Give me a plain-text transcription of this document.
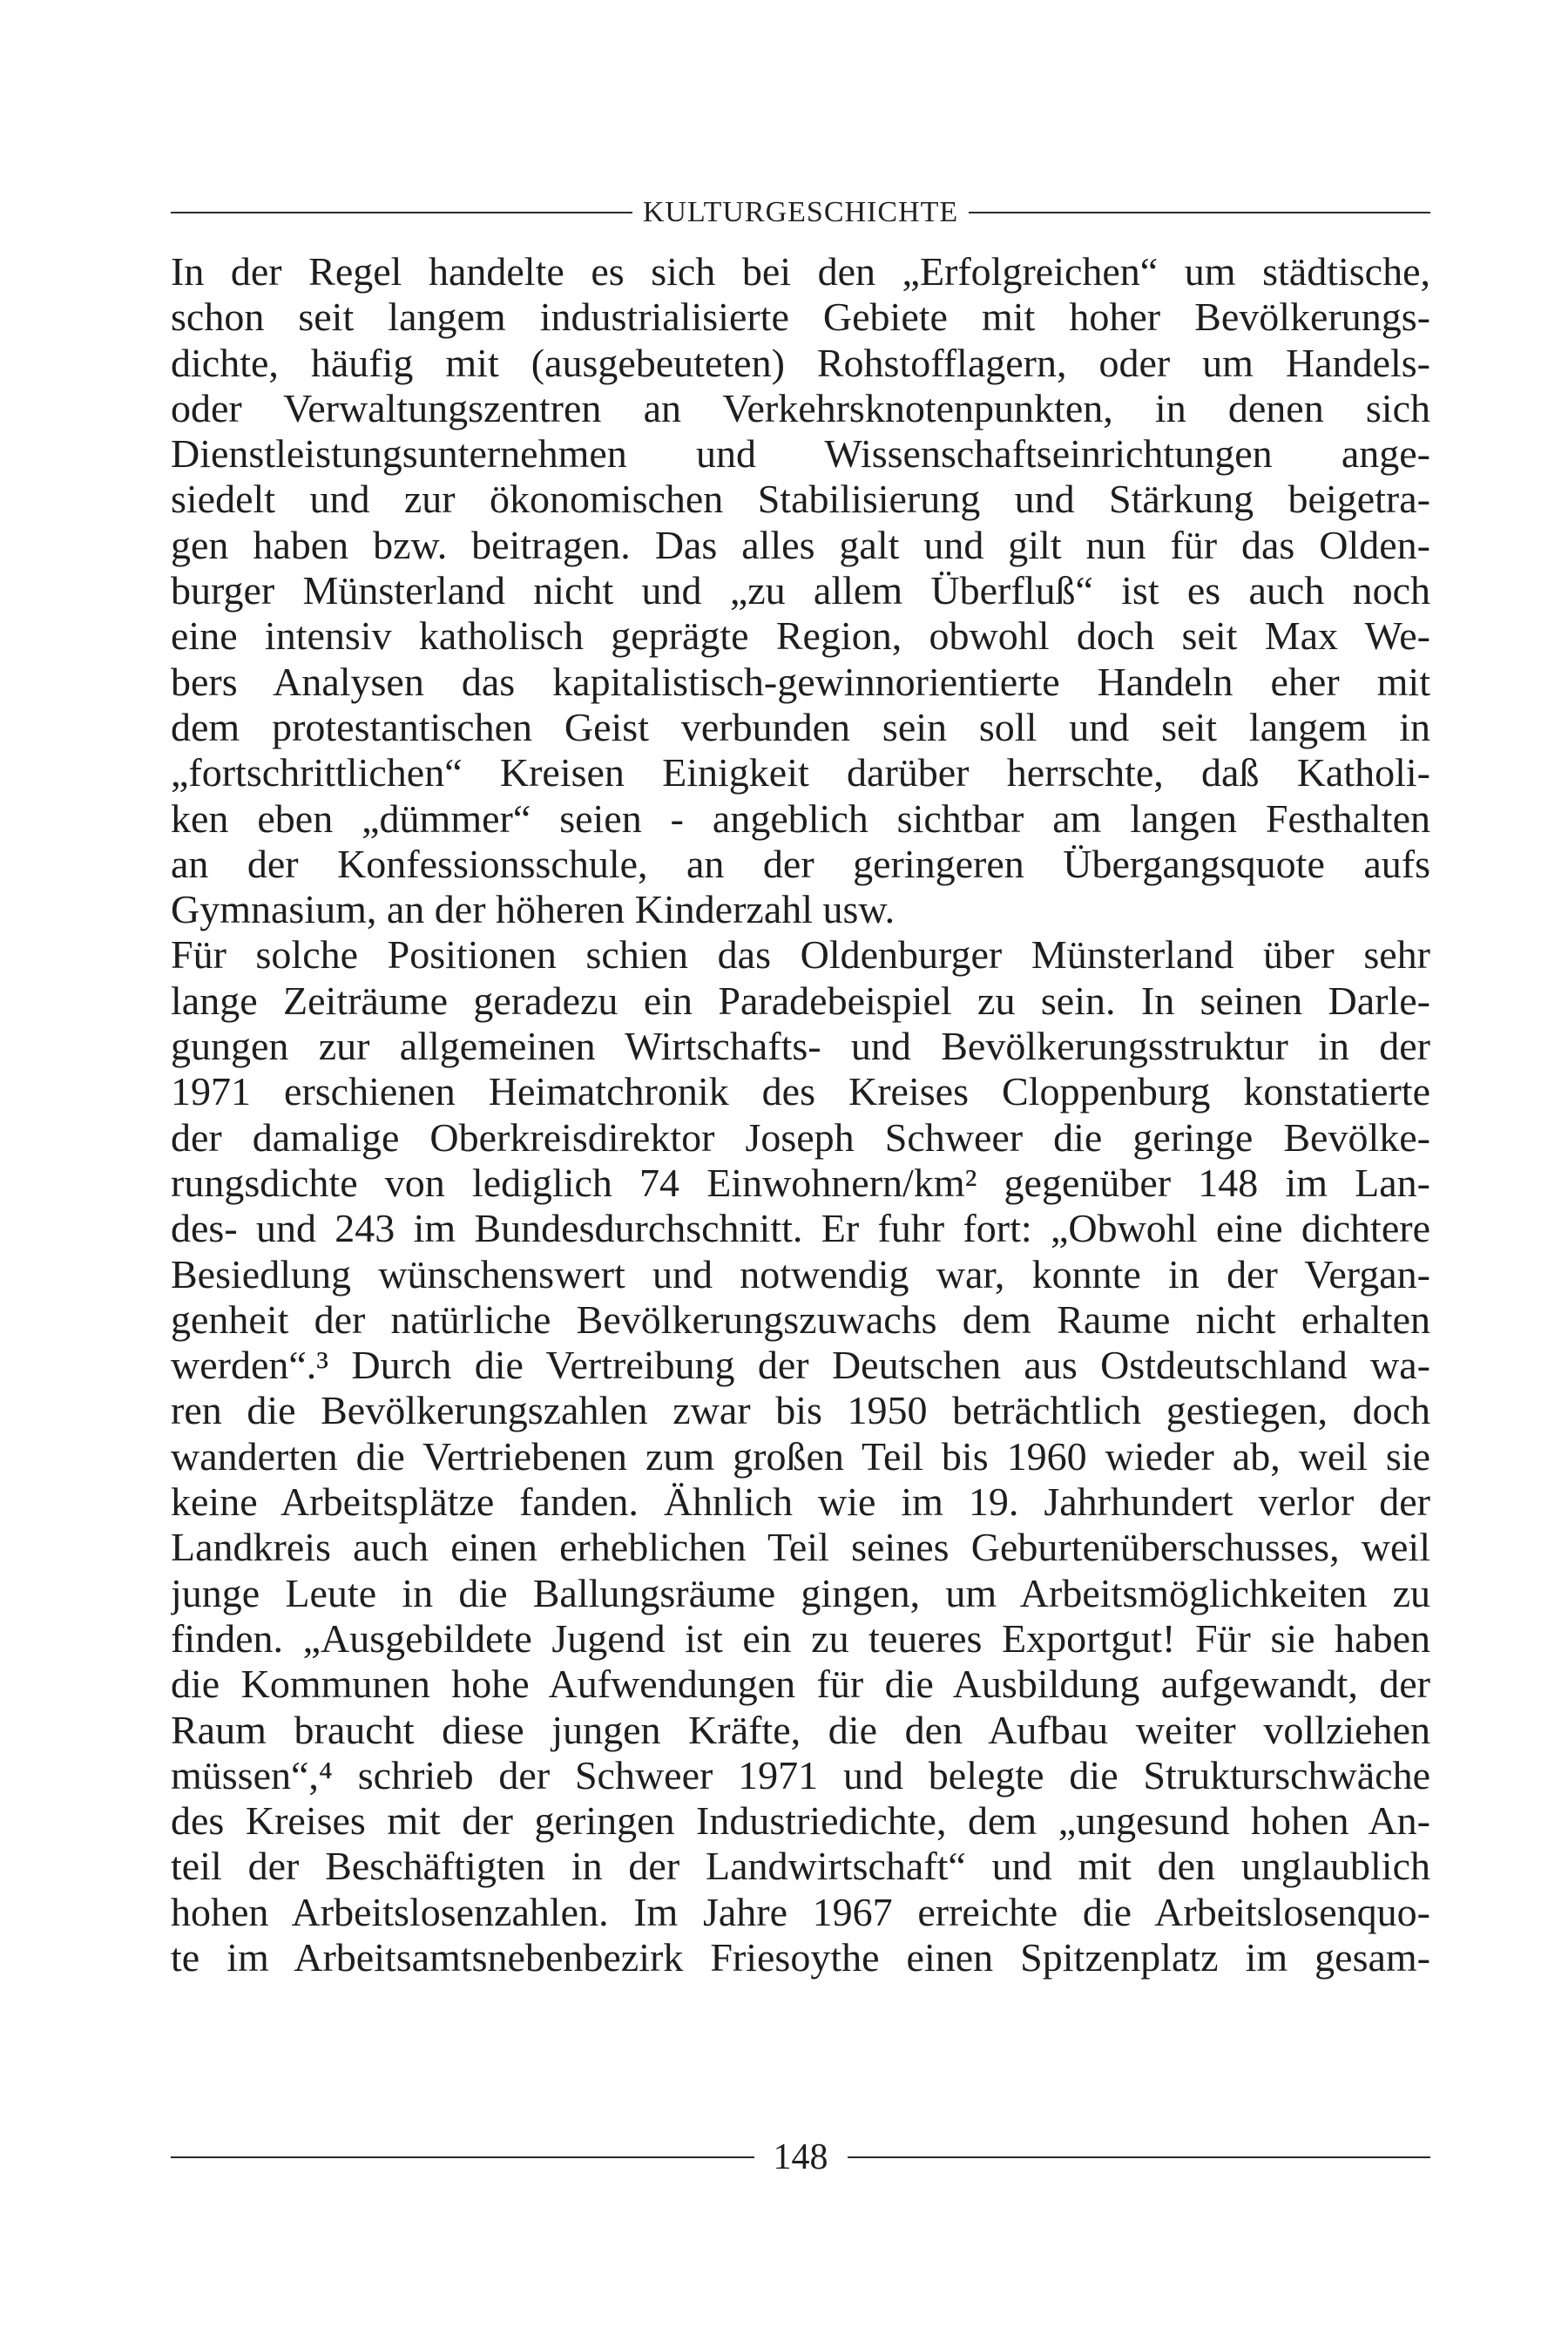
KULTURGESCHICHTE
In der Regel handelte es sich bei den „Erfolgreichen“ um städtische,
schon seit langem industrialisierte Gebiete mit hoher Bevölkerungs-
dichte, häufig mit (ausgebeuteten) Rohstofflagern, oder um Handels-
oder Verwaltungszentren an Verkehrsknotenpunkten, in denen sich
Dienstleistungsunternehmen und Wissenschaftseinrichtungen ange-
siedelt und zur ökonomischen Stabilisierung und Stärkung beigetra-
gen haben bzw. beitragen. Das alles galt und gilt nun für das Olden-
burger Münsterland nicht und „zu allem Überfluß“ ist es auch noch
eine intensiv katholisch geprägte Region, obwohl doch seit Max We-
bers Analysen das kapitalistisch-gewinnorientierte Handeln eher mit
dem protestantischen Geist verbunden sein soll und seit langem in
„fortschrittlichen“ Kreisen Einigkeit darüber herrschte, daß Katholi-
ken eben „dümmer“ seien - angeblich sichtbar am langen Festhalten
an der Konfessionsschule, an der geringeren Übergangsquote aufs
Gymnasium, an der höheren Kinderzahl usw.
Für solche Positionen schien das Oldenburger Münsterland über sehr
lange Zeiträume geradezu ein Paradebeispiel zu sein. In seinen Darle-
gungen zur allgemeinen Wirtschafts- und Bevölkerungsstruktur in der
1971 erschienen Heimatchronik des Kreises Cloppenburg konstatierte
der damalige Oberkreisdirektor Joseph Schweer die geringe Bevölke-
rungsdichte von lediglich 74 Einwohnern/km² gegenüber 148 im Lan-
des- und 243 im Bundesdurchschnitt. Er fuhr fort: „Obwohl eine dichtere
Besiedlung wünschenswert und notwendig war, konnte in der Vergan-
genheit der natürliche Bevölkerungszuwachs dem Raume nicht erhalten
werden“.³ Durch die Vertreibung der Deutschen aus Ostdeutschland wa-
ren die Bevölkerungszahlen zwar bis 1950 beträchtlich gestiegen, doch
wanderten die Vertriebenen zum großen Teil bis 1960 wieder ab, weil sie
keine Arbeitsplätze fanden. Ähnlich wie im 19. Jahrhundert verlor der
Landkreis auch einen erheblichen Teil seines Geburtenüberschusses, weil
junge Leute in die Ballungsräume gingen, um Arbeitsmöglichkeiten zu
finden. „Ausgebildete Jugend ist ein zu teueres Exportgut! Für sie haben
die Kommunen hohe Aufwendungen für die Ausbildung aufgewandt, der
Raum braucht diese jungen Kräfte, die den Aufbau weiter vollziehen
müssen“,⁴ schrieb der Schweer 1971 und belegte die Strukturschwäche
des Kreises mit der geringen Industriedichte, dem „ungesund hohen An-
teil der Beschäftigten in der Landwirtschaft“ und mit den unglaublich
hohen Arbeitslosenzahlen. Im Jahre 1967 erreichte die Arbeitslosenquo-
te im Arbeitsamtsnebenbezirk Friesoythe einen Spitzenplatz im gesam-
148
